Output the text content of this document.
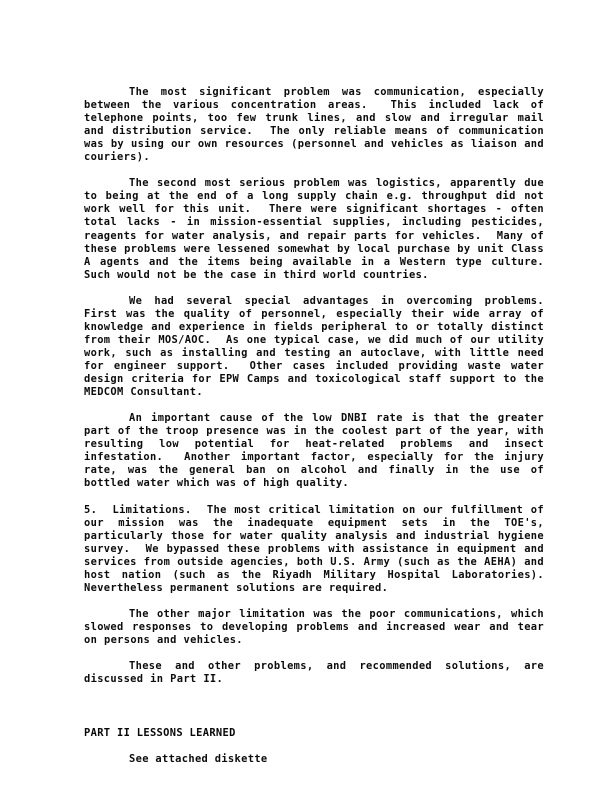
The most significant problem was communication, especially between the various concentration areas.  This included lack of telephone points, too few trunk lines, and slow and irregular mail and distribution service.  The only reliable means of communication was by using our own resources (personnel and vehicles as liaison and couriers).

The second most serious problem was logistics, apparently due to being at the end of a long supply chain e.g. throughput did not work well for this unit.  There were significant shortages - often total lacks - in mission-essential supplies, including pesticides, reagents for water analysis, and repair parts for vehicles.  Many of these problems were lessened somewhat by local purchase by unit Class A agents and the items being available in a Western type culture.  Such would not be the case in third world countries.

We had several special advantages in overcoming problems. First was the quality of personnel, especially their wide array of knowledge and experience in fields peripheral to or totally distinct from their MOS/AOC.  As one typical case, we did much of our utility work, such as installing and testing an autoclave, with little need for engineer support.  Other cases included providing waste water design criteria for EPW Camps and toxicological staff support to the MEDCOM Consultant.

An important cause of the low DNBI rate is that the greater part of the troop presence was in the coolest part of the year, with resulting low potential for heat-related problems and insect infestation.  Another important factor, especially for the injury rate, was the general ban on alcohol and finally in the use of bottled water which was of high quality.

5.  Limitations.  The most critical limitation on our fulfillment of our mission was the inadequate equipment sets in the TOE's, particularly those for water quality analysis and industrial hygiene survey.  We bypassed these problems with assistance in equipment and services from outside agencies, both U.S. Army (such as the AEHA) and host nation (such as the Riyadh Military Hospital Laboratories).  Nevertheless permanent solutions are required.

The other major limitation was the poor communications, which slowed responses to developing problems and increased wear and tear on persons and vehicles.

These and other problems, and recommended solutions, are discussed in Part II.

PART II LESSONS LEARNED

See attached diskette
